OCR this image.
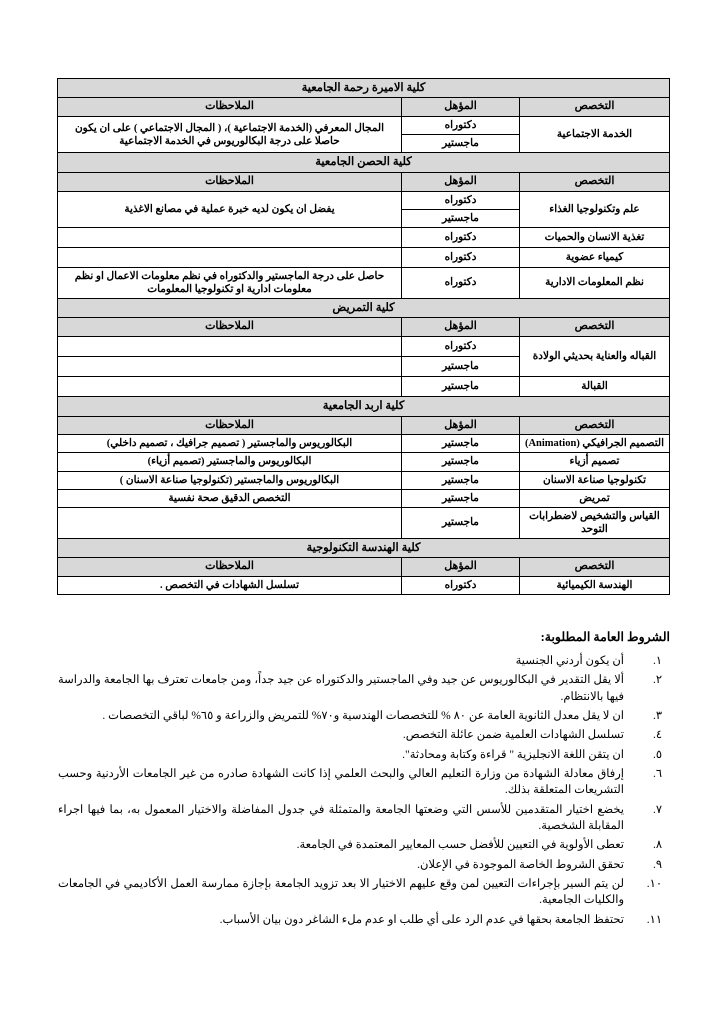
كلية الاميرة رحمة الجامعية		
التخصص	المؤهل	الملاحظات
الخدمة الاجتماعية	دكتوراه	المجال المعرفي (الخدمة الاجتماعية )، ( المجال الاجتماعي ) على ان يكون حاصلا على درجة البكالوريوس في الخدمة الاجتماعية
	ماجستير	
كلية الحصن الجامعية		
التخصص	المؤهل	الملاحظات
علم وتكنولوجيا الغذاء	دكتوراه	يفضل ان يكون لديه خبرة عملية في مصانع الاغذية
	ماجستير	
تغذية الانسان والحميات	دكتوراه	
كيمياء عضوية	دكتوراه	
نظم المعلومات الادارية	دكتوراه	حاصل على درجة الماجستير والدكتوراه في نظم معلومات الاعمال او نظم معلومات ادارية او تكنولوجيا المعلومات
كلية التمريض		
التخصص	المؤهل	الملاحظات
القباله والعناية بحديثي الولادة	دكتوراه	
	ماجستير	
القبالة	ماجستير	
كلية اربد الجامعية		
التخصص	المؤهل	الملاحظات
التصميم الجرافيكي (Animation)	ماجستير	البكالوريوس والماجستير ( تصميم جرافيك ، تصميم داخلي)
تصميم أزياء	ماجستير	البكالوريوس والماجستير (تصميم أزياء)
تكنولوجيا صناعة الاسنان	ماجستير	البكالوريوس والماجستير (تكنولوجيا صناعة الاسنان )
تمريض	ماجستير	التخصص الدقيق صحة نفسية
القياس والتشخيص لاضطرابات التوحد	ماجستير	
كلية الهندسة التكنولوجية		
التخصص	المؤهل	الملاحظات
الهندسة الكيميائية	دكتوراه	تسلسل الشهادات في التخصص .
الشروط العامة المطلوبة:
١.
أن يكون أردني الجنسية
٢.
ألا يقل التقدير في البكالوريوس عن جيد وفي الماجستير والدكتوراه عن جيد جداً، ومن جامعات تعترف بها الجامعة والدراسة فيها بالانتظام.
٣.
ان لا يقل معدل الثانوية العامة عن ٨٠ % للتخصصات الهندسية و٧٠% للتمريض والزراعة و ٦٥% لباقي التخصصات .
٤.
تسلسل الشهادات العلمية ضمن عائلة التخصص.
٥.
ان يتقن اللغة الانجليزية " قراءة وكتابة ومحادثة".
٦.
إرفاق معادلة الشهادة من وزارة التعليم العالي والبحث العلمي إذا كانت الشهادة صادره من غير الجامعات الأردنية وحسب التشريعات المتعلقة بذلك.
٧.
يخضع اختيار المتقدمين للأسس التي وضعتها الجامعة والمتمثلة في جدول المفاضلة والاختيار المعمول به، بما فيها اجراء المقابلة الشخصية.
٨.
تعطى الأولوية في التعيين للأفضل حسب المعايير المعتمدة في الجامعة.
٩.
تحقق الشروط الخاصة الموجودة في الإعلان.
١٠.
لن يتم السير بإجراءات التعيين لمن وقع عليهم الاختيار الا بعد تزويد الجامعة بإجازة ممارسة العمل الأكاديمي في الجامعات والكليات الجامعية.
١١.
تحتفظ الجامعة بحقها في عدم الرد على أي طلب او عدم ملء الشاغر دون بيان الأسباب.
